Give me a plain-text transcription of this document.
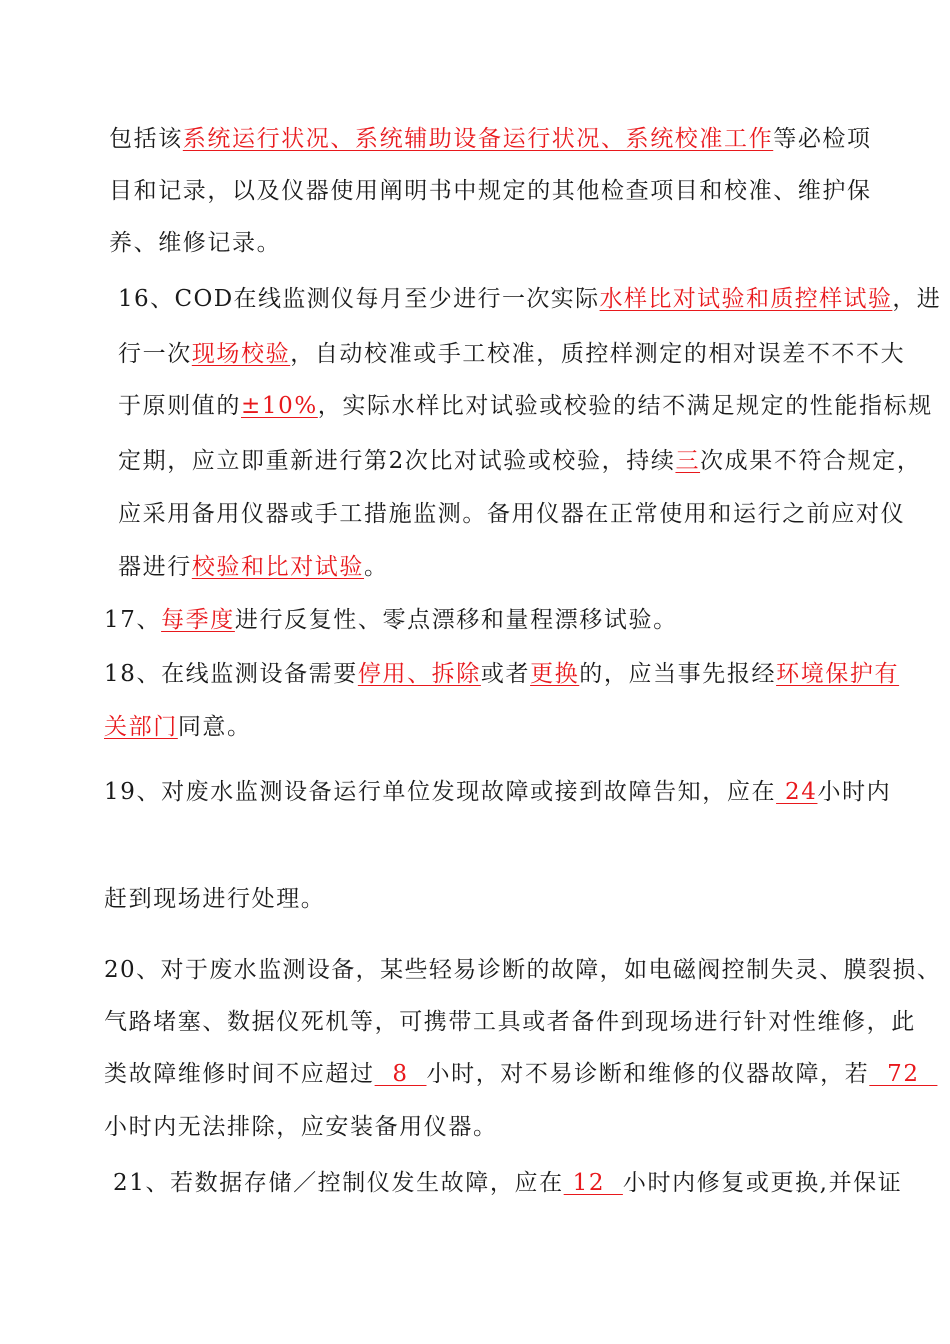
包括该系统运行状况、系统辅助设备运行状况、系统校准工作等必检项
目和记录，以及仪器使用阐明书中规定的其他检查项目和校准、维护保
养、维修记录。
16、COD在线监测仪每月至少进行一次实际水样比对试验和质控样试验，进
行一次现场校验，自动校准或手工校准，质控样测定的相对误差不不不大
于原则值的±10%，实际水样比对试验或校验的结不满足规定的性能指标规
定期，应立即重新进行第2次比对试验或校验，持续三次成果不符合规定，
应采用备用仪器或手工措施监测。备用仪器在正常使用和运行之前应对仪
器进行校验和比对试验。
17、每季度进行反复性、零点漂移和量程漂移试验。
18、在线监测设备需要停用、拆除或者更换的，应当事先报经环境保护有
关部门同意。
19、对废水监测设备运行单位发现故障或接到故障告知，应在 24小时内
赶到现场进行处理。
20、对于废水监测设备，某些轻易诊断的故障，如电磁阀控制失灵、膜裂损、
气路堵塞、数据仪死机等，可携带工具或者备件到现场进行针对性维修，此
类故障维修时间不应超过  8  小时，对不易诊断和维修的仪器故障，若  72
小时内无法排除，应安装备用仪器。
21、若数据存储／控制仪发生故障，应在 12  小时内修复或更换,并保证
